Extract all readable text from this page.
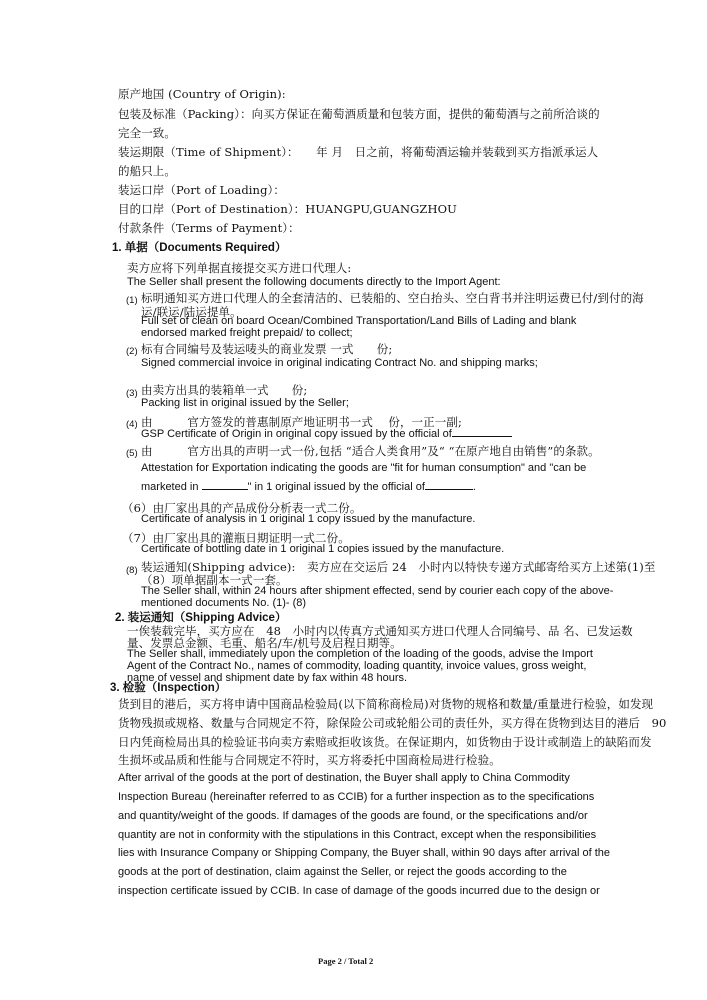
原产地国 (Country of Origin):
包装及标准（Packing）：向买方保证在葡萄酒质量和包装方面，提供的葡萄酒与之前所洽谈的
完全一致。
装运期限（Time of Shipment）：　　年 月　日之前，将葡萄酒运输并装载到买方指派承运人
的船只上。
装运口岸（Port of Loading）：
目的口岸（Port of Destination）：HUANGPU,GUANGZHOU
付款条件（Terms of Payment）：
1. 单据（Documents Required）
卖方应将下列单据直接提交买方进口代理人:
The Seller shall present the following documents directly to the Import Agent:
(1) 标明通知买方进口代理人的全套清洁的、已装船的、空白抬头、空白背书并注明运费已付/到付的海
运/联运/陆运提单。
Full set of clean on board Ocean/Combined Transportation/Land Bills of Lading and blank
endorsed marked freight prepaid/ to collect;
(2) 标有合同编号及装运唛头的商业发票 一式　　份;
Signed commercial invoice in original indicating Contract No. and shipping marks;
(3) 由卖方出具的装箱单一式　　份;
Packing list in original issued by the Seller;
(4) 由　　　官方签发的普惠制原产地证明书一式　 份，一正一副;
GSP Certificate of Origin in original copy issued by the official of
(5) 由　　　官方出具的声明一式一份,包括 “适合人类食用”及“ “在原产地自由销售”的条款。
Attestation for Exportation indicating the goods are "fit for human consumption" and "can be
marketed in	" in 1 original issued by the official of	.
（6）由厂家出具的产品成份分析表一式二份。
Certificate of analysis in 1 original 1 copy issued by the manufacture.
（7）由厂家出具的灌瓶日期证明一式二份。
Certificate of bottling date in 1 original 1 copies issued by the manufacture.
(8) 装运通知(Shipping advice):　卖方应在交运后 24　小时内以特快专递方式邮寄给买方上述第(1)至
（8）项单据副本一式一套。
The Seller shall, within 24 hours after shipment effected, send by courier each copy of the above-
mentioned documents No. (1)- (8)
2. 装运通知（Shipping Advice）
一俟装载完毕，买方应在　48　小时内以传真方式通知买方进口代理人合同编号、品 名、已发运数
量、发票总金额、毛重、船名/车/机号及启程日期等。
The Seller shall, immediately upon the completion of the loading of the goods, advise the Import
Agent of the Contract No., names of commodity, loading quantity, invoice values, gross weight,
name of vessel and shipment date by fax within 48 hours.
3. 检验（Inspection）
货到目的港后，买方将申请中国商品检验局(以下简称商检局)对货物的规格和数量/重量进行检验，如发现
货物残损或规格、数量与合同规定不符，除保险公司或轮船公司的责任外，买方得在货物到达目的港后　90
日内凭商检局出具的检验证书向卖方索赔或拒收该货。在保证期内，如货物由于设计或制造上的缺陷而发
生损坏或品质和性能与合同规定不符时，买方将委托中国商检局进行检验。
After arrival of the goods at the port of destination, the Buyer shall apply to China Commodity
Inspection Bureau (hereinafter referred to as CCIB) for a further inspection as to the specifications
and quantity/weight of the goods. If damages of the goods are found, or the specifications and/or
quantity are not in conformity with the stipulations in this Contract, except when the responsibilities
lies with Insurance Company or Shipping Company, the Buyer shall, within 90 days after arrival of the
goods at the port of destination, claim against the Seller, or reject the goods according to the
inspection certificate issued by CCIB. In case of damage of the goods incurred due to the design or
Page 2 / Total 2
